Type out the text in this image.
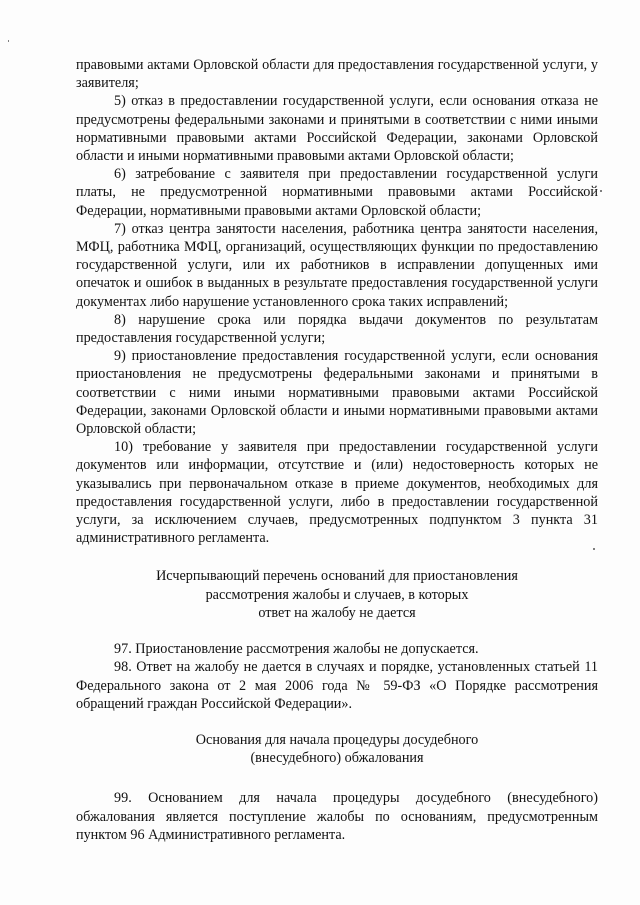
правовыми актами Орловской области для предоставления государственной услуги, у заявителя;

5) отказ в предоставлении государственной услуги, если основания отказа не предусмотрены федеральными законами и принятыми в соответствии с ними иными нормативными правовыми актами Российской Федерации, законами Орловской области и иными нормативными правовыми актами Орловской области;

6) затребование с заявителя при предоставлении государственной услуги платы, не предусмотренной нормативными правовыми актами Российской Федерации, нормативными правовыми актами Орловской области;

7) отказ центра занятости населения, работника центра занятости населения, МФЦ, работника МФЦ, организаций, осуществляющих функции по предоставлению государственной услуги, или их работников в исправлении допущенных ими опечаток и ошибок в выданных в результате предоставления государственной услуги документах либо нарушение установленного срока таких исправлений;

8) нарушение срока или порядка выдачи документов по результатам предоставления государственной услуги;

9) приостановление предоставления государственной услуги, если основания приостановления не предусмотрены федеральными законами и принятыми в соответствии с ними иными нормативными правовыми актами Российской Федерации, законами Орловской области и иными нормативными правовыми актами Орловской области;

10) требование у заявителя при предоставлении государственной услуги документов или информации, отсутствие и (или) недостоверность которых не указывались при первоначальном отказе в приеме документов, необходимых для предоставления государственной услуги, либо в предоставлении государственной услуги, за исключением случаев, предусмотренных подпунктом 3 пункта 31 административного регламента.

Исчерпывающий перечень оснований для приостановления

рассмотрения жалобы и случаев, в которых

ответ на жалобу не дается

97. Приостановление рассмотрения жалобы не допускается.

98. Ответ на жалобу не дается в случаях и порядке, установленных статьей 11 Федерального закона от 2 мая 2006 года № 59-ФЗ «О Порядке рассмотрения обращений граждан Российской Федерации».

Основания для начала процедуры досудебного

(внесудебного) обжалования

99. Основанием для начала процедуры досудебного (внесудебного) обжалования является поступление жалобы по основаниям, предусмотренным пунктом 96 Административного регламента.
